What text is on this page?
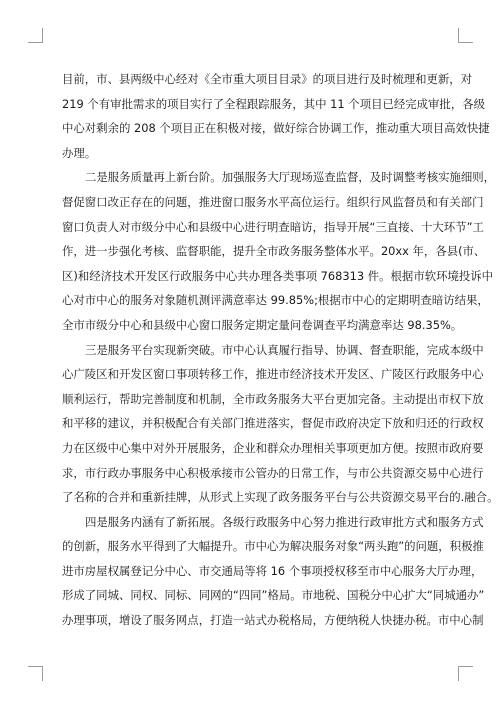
目前，市、县两级中心经对《全市重大项目目录》的项目进行及时梳理和更新，对
219 个有审批需求的项目实行了全程跟踪服务，其中 11 个项目已经完成审批，各级
中心对剩余的 208 个项目正在积极对接，做好综合协调工作，推动重大项目高效快捷
办理。
二是服务质量再上新台阶。加强服务大厅现场巡查监督，及时调整考核实施细则，
督促窗口改正存在的问题，推进窗口服务水平高位运行。组织行风监督员和有关部门
窗口负责人对市级分中心和县级中心进行明查暗访，指导开展“三直接、十大环节”工
作，进一步强化考核、监督职能，提升全市政务服务整体水平。20xx 年，各县(市、
区)和经济技术开发区行政服务中心共办理各类事项 768313 件。根据市软环境投诉中
心对市中心的服务对象随机测评满意率达 99.85%;根据市中心的定期明查暗访结果，
全市市级分中心和县级中心窗口服务定期定量问卷调查平均满意率达 98.35%。
三是服务平台实现新突破。市中心认真履行指导、协调、督查职能，完成本级中
心广陵区和开发区窗口事项转移工作，推进市经济技术开发区、广陵区行政服务中心
顺利运行，帮助完善制度和机制，全市政务服务大平台更加完备。主动提出市权下放
和平移的建议，并积极配合有关部门推进落实，督促市政府决定下放和归还的行政权
力在区级中心集中对外开展服务，企业和群众办理相关事项更加方便。按照市政府要
求，市行政办事服务中心积极承接市公管办的日常工作，与市公共资源交易中心进行
了名称的合并和重新挂牌，从形式上实现了政务服务平台与公共资源交易平台的.融合。
四是服务内涵有了新拓展。各级行政服务中心努力推进行政审批方式和服务方式
的创新，服务水平得到了大幅提升。市中心为解决服务对象“两头跑”的问题，积极推
进市房屋权属登记分中心、市交通局等将 16 个事项授权移至市中心服务大厅办理，
形成了同城、同权、同标、同网的“四同”格局。市地税、国税分中心扩大“同城通办”
办理事项，增设了服务网点，打造一站式办税格局，方便纳税人快捷办税。市中心制
